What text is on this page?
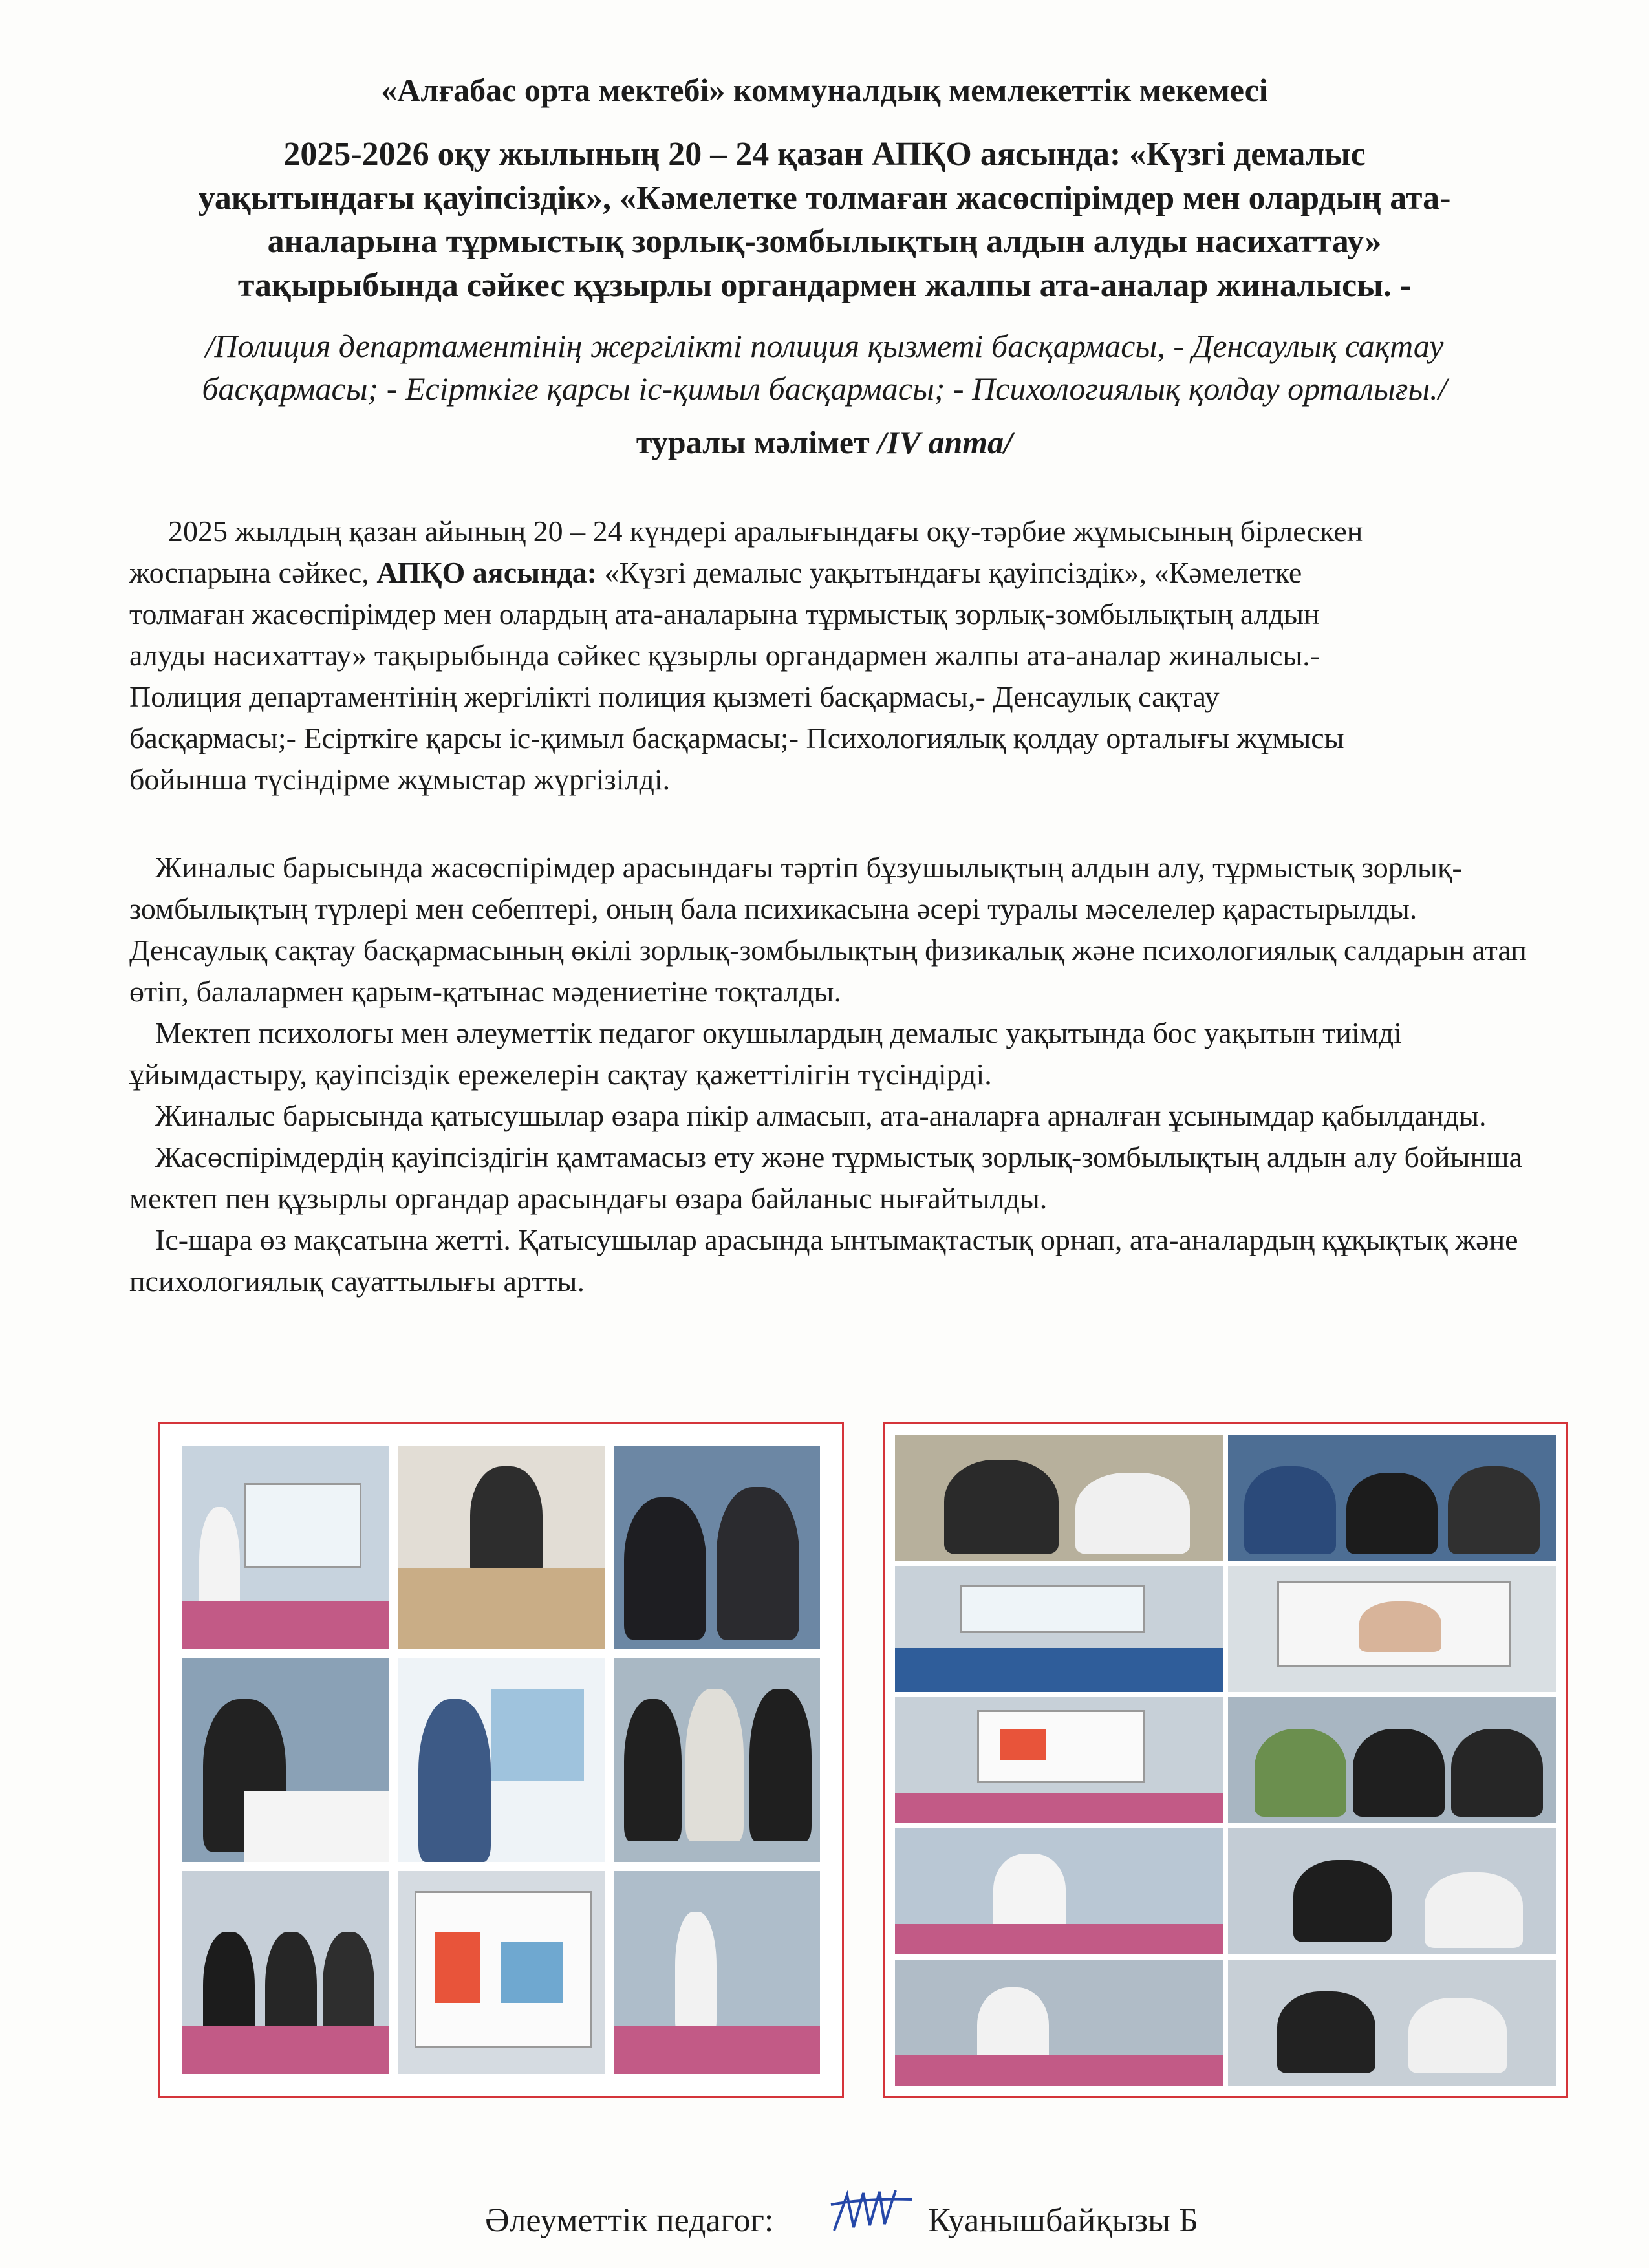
«Алғабас орта мектебі» коммуналдық мемлекеттік мекемесі
2025-2026 оқу жылының 20 – 24 қазан АПҚО аясында: «Күзгі демалыс
уақытындағы қауіпсіздік», «Кәмелетке толмаған жасөспірімдер мен олардың ата-
аналарына тұрмыстық зорлық-зомбылықтың алдын алуды насихаттау»
тақырыбында сәйкес құзырлы органдармен жалпы ата-аналар жиналысы. -
/Полиция департаментінің жергілікті полиция қызметі басқармасы, - Денсаулық сақтау
басқармасы; - Есірткіге қарсы іс-қимыл басқармасы; - Психологиялық қолдау орталығы./
туралы мәлімет /IV апта/
2025 жылдың қазан айының 20 – 24 күндері аралығындағы оқу-тәрбие жұмысының бірлескен
жоспарына сәйкес, АПҚО аясында: «Күзгі демалыс уақытындағы қауіпсіздік», «Кәмелетке
толмаған жасөспірімдер мен олардың ата-аналарына тұрмыстық зорлық-зомбылықтың алдын
алуды насихаттау» тақырыбында сәйкес құзырлы органдармен жалпы ата-аналар жиналысы.-
Полиция департаментінің жергілікті полиция қызметі басқармасы,- Денсаулық сақтау
басқармасы;- Есірткіге қарсы іс-қимыл басқармасы;- Психологиялық қолдау орталығы жұмысы
бойынша түсіндірме жұмыстар жүргізілді.

Жиналыс барысында жасөспірімдер арасындағы тәртіп бұзушылықтың алдын алу, тұрмыстық зорлық-зомбылықтың түрлері мен себептері, оның бала психикасына әсері туралы мәселелер қарастырылды.

Денсаулық сақтау басқармасының өкілі зорлық-зомбылықтың физикалық және психологиялық салдарын атап өтіп, балалармен қарым-қатынас мәдениетіне тоқталды.

Мектеп психологы мен әлеуметтік педагог окушылардың демалыс уақытында бос уақытын тиімді ұйымдастыру, қауіпсіздік ережелерін сақтау қажеттілігін түсіндірді.

Жиналыс барысында қатысушылар өзара пікір алмасып, ата-аналарға арналған ұсынымдар қабылданды.

Жасөспірімдердің қауіпсіздігін қамтамасыз ету және тұрмыстық зорлық-зомбылықтың алдын алу бойынша мектеп пен құзырлы органдар арасындағы өзара байланыс нығайтылды.

Іс-шара өз мақсатына жетті. Қатысушылар арасында ынтымақтастық орнап, ата-аналардың құқықтық және психологиялық сауаттылығы артты.

Әлеуметтік педагог:	Куанышбайқызы Б
